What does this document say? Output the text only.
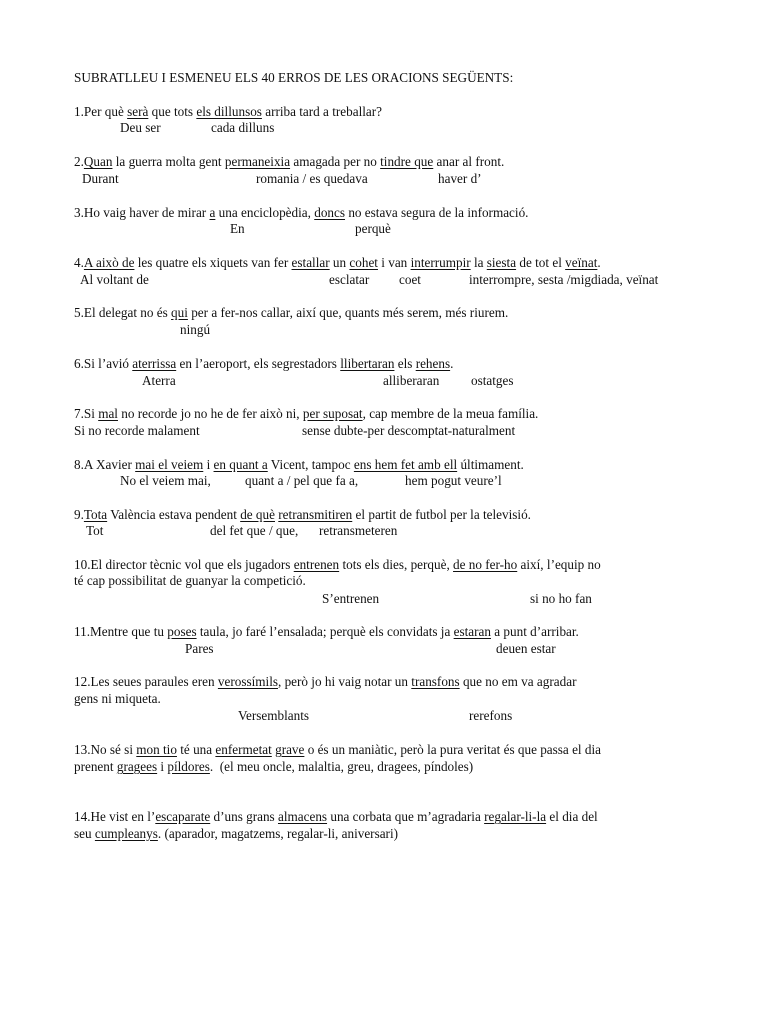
SUBRATLLEU I ESMENEU ELS 40 ERROS DE LES ORACIONS SEGÜENTS:
1.Per què serà que tots els dillunsos arriba tard a treballar?
Deu ser	cada dilluns
2.Quan la guerra molta gent permaneixia amagada per no tindre que anar al front.
Durant	romania / es quedava	haver d’
3.Ho vaig haver de mirar a una enciclopèdia, doncs no estava segura de la informació.
En	perquè
4.A això de les quatre els xiquets van fer estallar un cohet i van interrumpir la siesta de tot el veïnat.
Al voltant de	esclatar coet	interrompre, sesta /migdiada, veïnat
5.El delegat no és qui per a fer-nos callar, així que, quants més serem, més riurem.
ningú
6.Si l’avió aterrissa en l’aeroport, els segrestadors llibertaran els rehens.
Aterra	alliberaran ostatges
7.Si mal no recorde jo no he de fer això ni, per suposat, cap membre de la meua família.
Si no recorde malament	sense dubte-per descomptat-naturalment
8.A Xavier mai el veiem i en quant a Vicent, tampoc ens hem fet amb ell últimament.
No el veiem mai,	quant a / pel que fa a,	hem pogut veure’l
9.Tota València estava pendent de què retransmitiren el partit de futbol per la televisió.
Tot	del fet que / que, retransmeteren
10.El director tècnic vol que els jugadors entrenen tots els dies, perquè, de no fer-ho així, l’equip no
té cap possibilitat de guanyar la competició.
S’entrenen	si no ho fan
11.Mentre que tu poses taula, jo faré l’ensalada; perquè els convidats ja estaran a punt d’arribar.
Pares	deuen estar
12.Les seues paraules eren verossímils, però jo hi vaig notar un transfons que no em va agradar
gens ni miqueta.
Versemblants	rerefons
13.No sé si mon tio té una enfermetat grave o és un maniàtic, però la pura veritat és que passa el dia
prenent gragees i píldores.  (el meu oncle, malaltia, greu, dragees, píndoles)
14.He vist en l’escaparate d’uns grans almacens una corbata que m’agradaria regalar-li-la el dia del
seu cumpleanys. (aparador, magatzems, regalar-li, aniversari)
